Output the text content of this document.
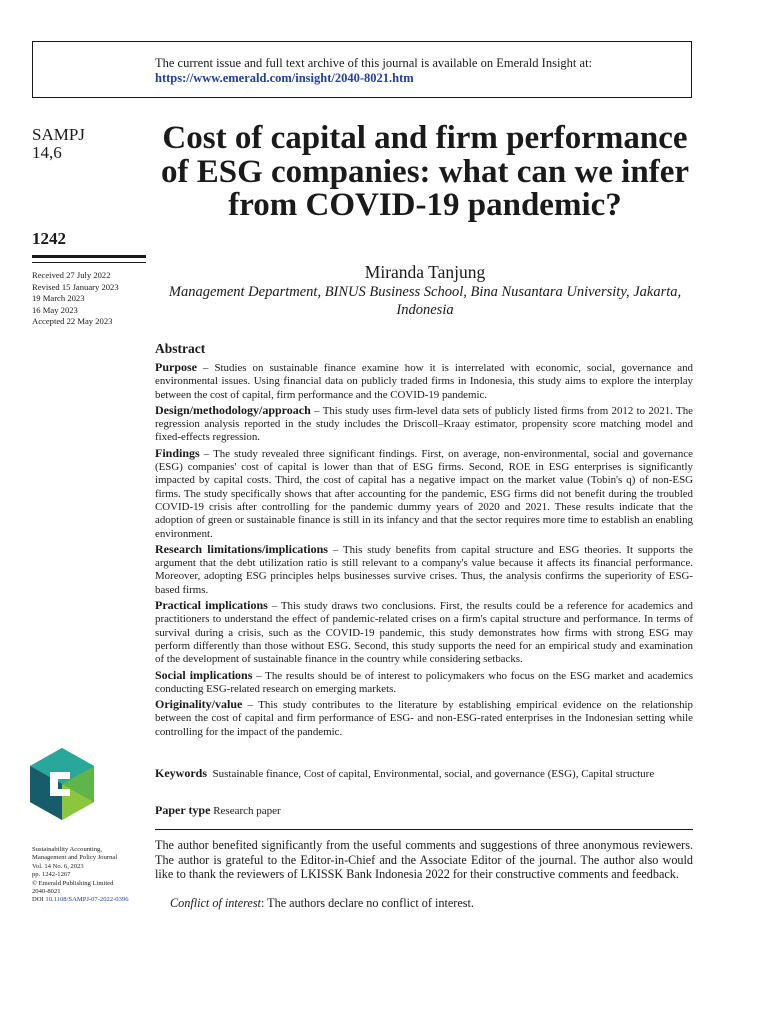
The current issue and full text archive of this journal is available on Emerald Insight at:
https://www.emerald.com/insight/2040-8021.htm
SAMPJ
14,6
1242
Received 27 July 2022
Revised 15 January 2023
19 March 2023
16 May 2023
Accepted 22 May 2023
Sustainability Accounting,
Management and Policy Journal
Vol. 14 No. 6, 2023
pp. 1242-1267
© Emerald Publishing Limited
2040-8021
DOI 10.1108/SAMPJ-07-2022-0396
Cost of capital and firm performance of ESG companies: what can we infer from COVID-19 pandemic?
Miranda Tanjung
Management Department, BINUS Business School, Bina Nusantara University, Jakarta, Indonesia
Abstract

Purpose – Studies on sustainable finance examine how it is interrelated with economic, social, governance and environmental issues. Using financial data on publicly traded firms in Indonesia, this study aims to explore the interplay between the cost of capital, firm performance and the COVID-19 pandemic.

Design/methodology/approach – This study uses firm-level data sets of publicly listed firms from 2012 to 2021. The regression analysis reported in the study includes the Driscoll–Kraay estimator, propensity score matching model and fixed-effects regression.

Findings – The study revealed three significant findings. First, on average, non-environmental, social and governance (ESG) companies' cost of capital is lower than that of ESG firms. Second, ROE in ESG enterprises is significantly impacted by capital costs. Third, the cost of capital has a negative impact on the market value (Tobin's q) of non-ESG firms. The study specifically shows that after accounting for the pandemic, ESG firms did not benefit during the troubled COVID-19 crisis after controlling for the pandemic dummy years of 2020 and 2021. These results indicate that the adoption of green or sustainable finance is still in its infancy and that the sector requires more time to establish an enabling environment.

Research limitations/implications – This study benefits from capital structure and ESG theories. It supports the argument that the debt utilization ratio is still relevant to a company's value because it affects its financial performance. Moreover, adopting ESG principles helps businesses survive crises. Thus, the analysis confirms the superiority of ESG-based firms.

Practical implications – This study draws two conclusions. First, the results could be a reference for academics and practitioners to understand the effect of pandemic-related crises on a firm's capital structure and performance. In terms of survival during a crisis, such as the COVID-19 pandemic, this study demonstrates how firms with strong ESG may perform differently than those without ESG. Second, this study supports the need for an empirical study and examination of the development of sustainable finance in the country while considering setbacks.

Social implications – The results should be of interest to policymakers who focus on the ESG market and academics conducting ESG-related research on emerging markets.

Originality/value – This study contributes to the literature by establishing empirical evidence on the relationship between the cost of capital and firm performance of ESG- and non-ESG-rated enterprises in the Indonesian setting while controlling for the impact of the pandemic.

Keywords Sustainable finance, Cost of capital, Environmental, social, and governance (ESG), Capital structure
Paper type Research paper

The author benefited significantly from the useful comments and suggestions of three anonymous reviewers. The author is grateful to the Editor-in-Chief and the Associate Editor of the journal. The author also would like to thank the reviewers of LKISSK Bank Indonesia 2022 for their constructive comments and feedback.

Conflict of interest: The authors declare no conflict of interest.
